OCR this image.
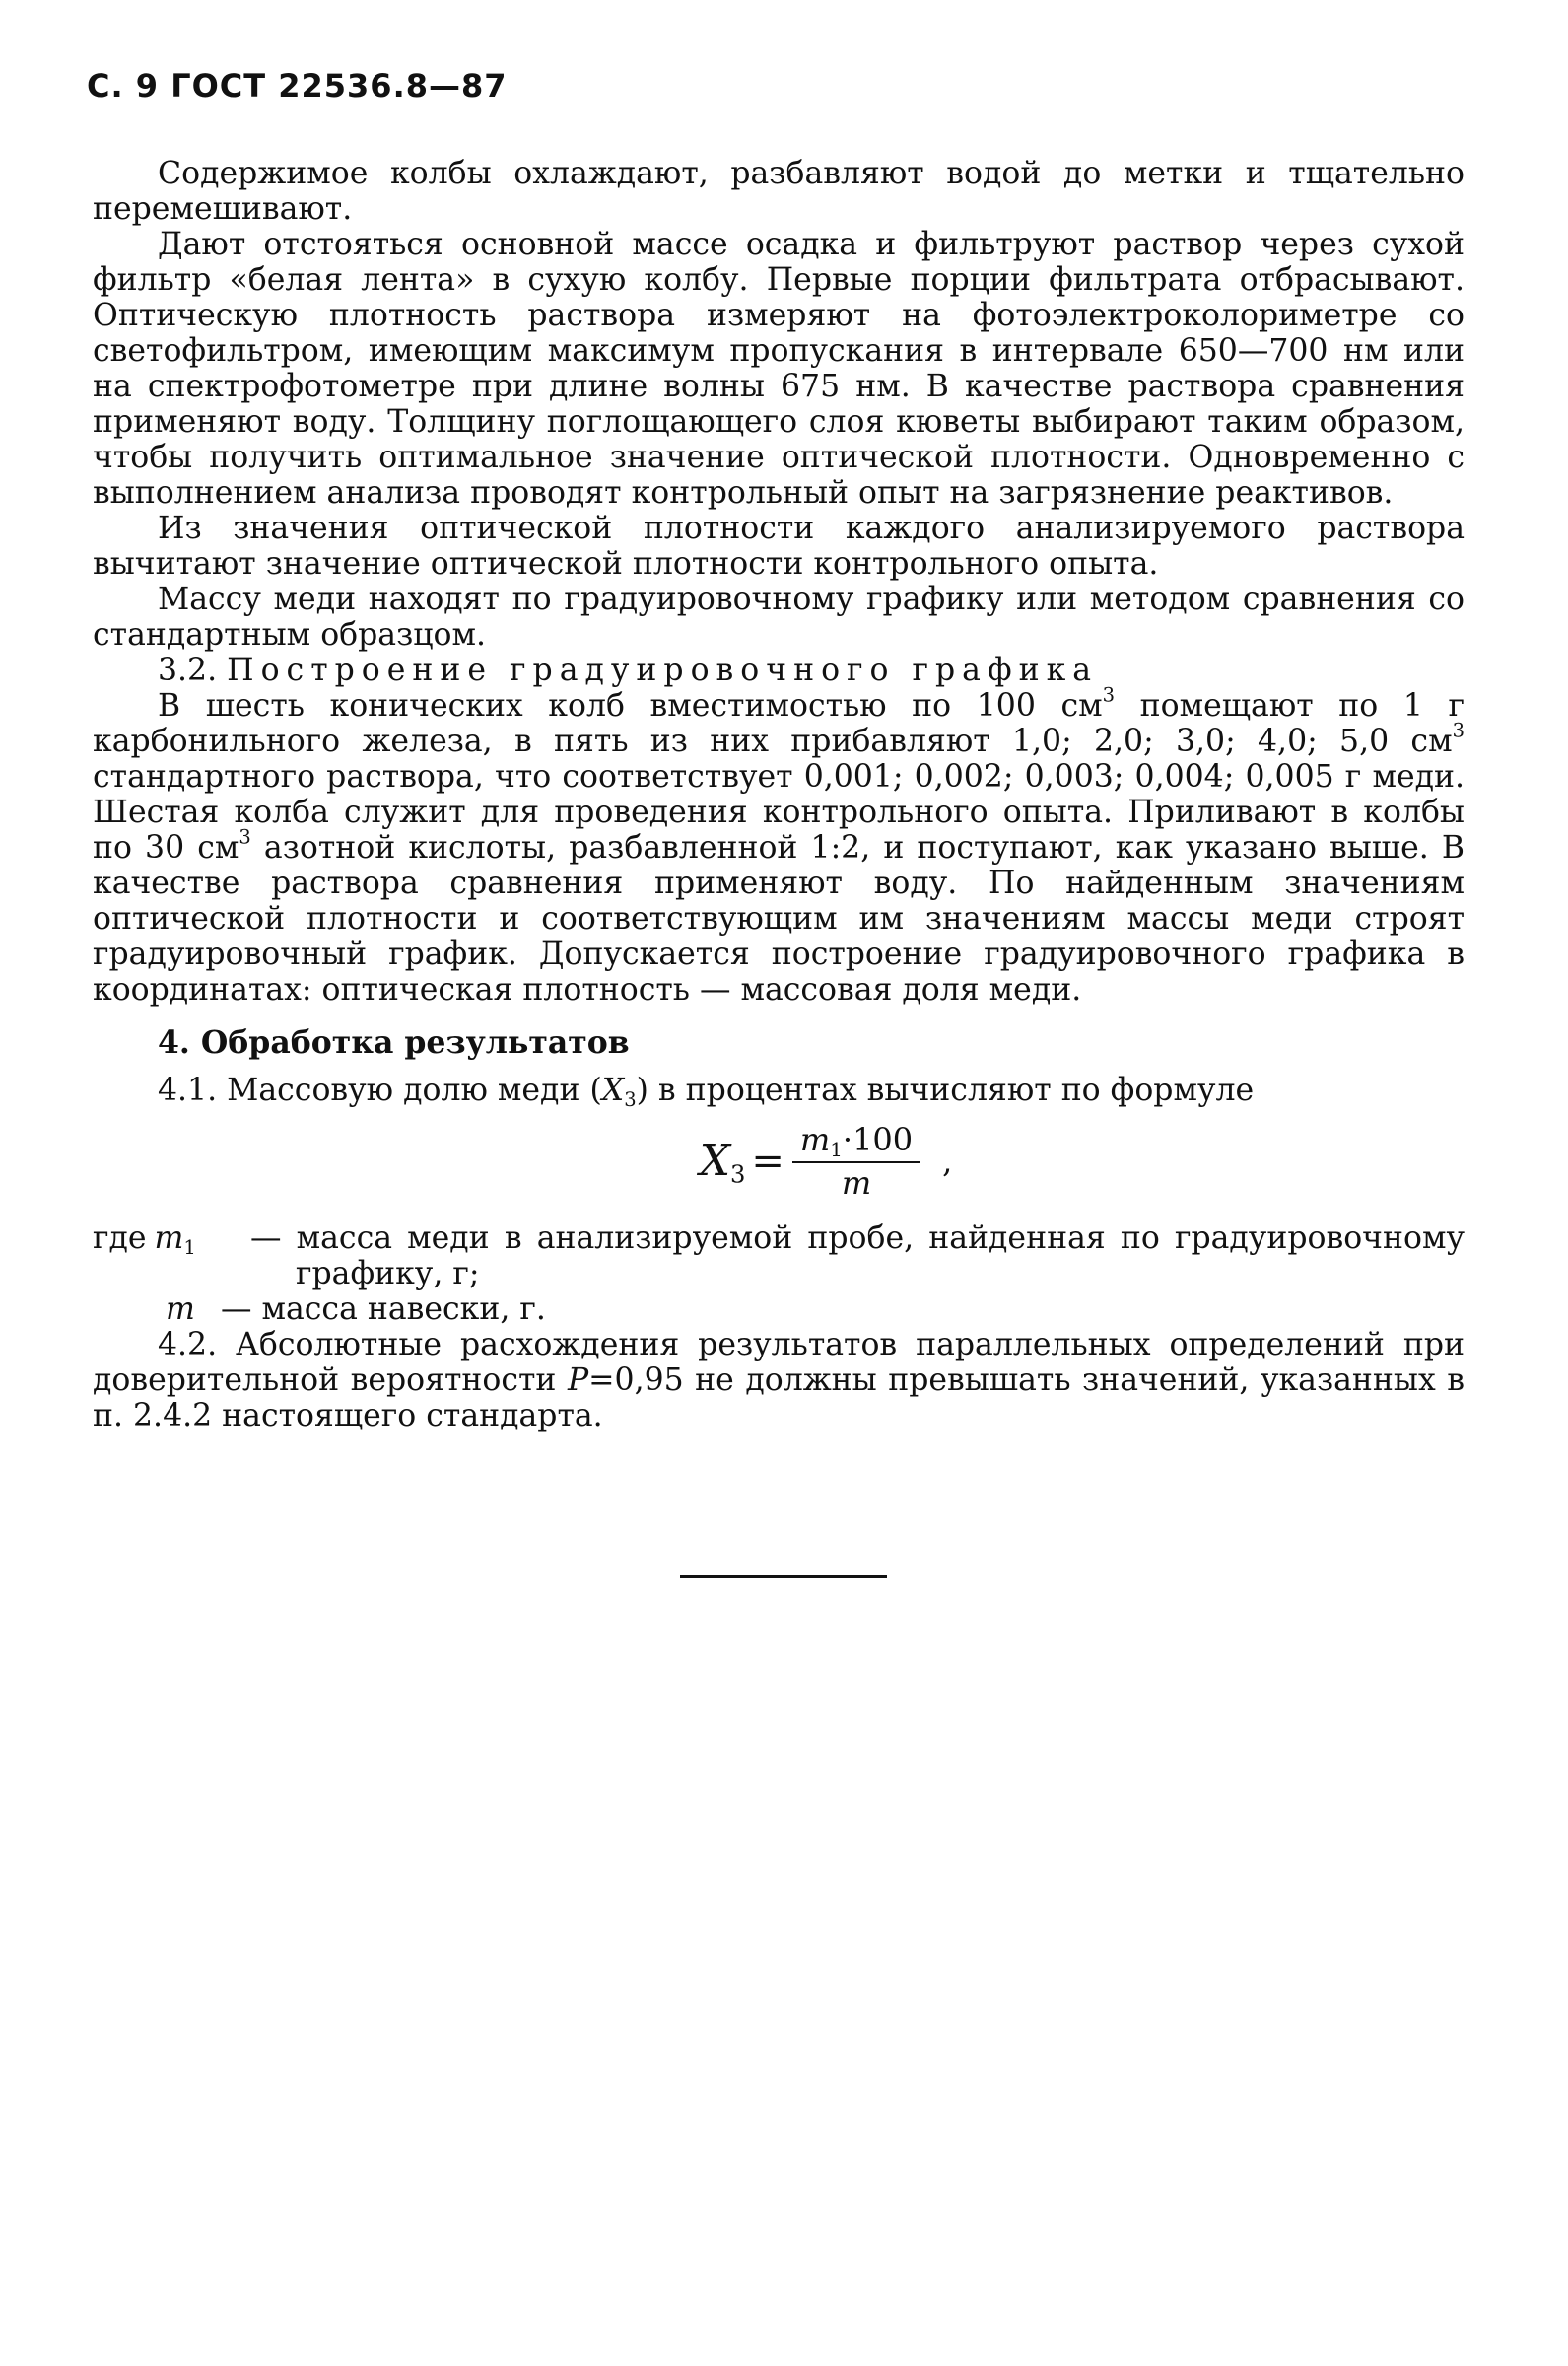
С. 9 ГОСТ 22536.8—87

Содержимое колбы охлаждают, разбавляют водой до метки и тщательно перемешивают.

Дают отстояться основной массе осадка и фильтруют раствор через сухой фильтр «белая лента» в сухую колбу. Первые порции фильтрата отбрасывают. Оптическую плотность раствора измеряют на фотоэлектроколориметре со светофильтром, имеющим максимум пропускания в интервале 650—700 нм или на спектрофотометре при длине волны 675 нм. В качестве раствора сравнения применяют воду. Толщину поглощающего слоя кюветы выбирают таким образом, чтобы получить оптимальное значение оптической плотности. Одновременно с выполнением анализа проводят контрольный опыт на загрязнение реактивов.

Из значения оптической плотности каждого анализируемого раствора вычитают значение оптической плотности контрольного опыта.

Массу меди находят по градуировочному графику или методом сравнения со стандартным образцом.

3.2. Построение градуировочного графика

В шесть конических колб вместимостью по 100 $см^3$ помещают по 1 г карбонильного железа, в пять из них прибавляют 1,0; 2,0; 3,0; 4,0; 5,0 $см^3$ стандартного раствора, что соответствует 0,001; 0,002; 0,003; 0,004; 0,005 г меди. Шестая колба служит для проведения контрольного опыта. Приливают в колбы по 30 $см^3$ азотной кислоты, разбавленной 1:2, и поступают, как указано выше. В качестве раствора сравнения применяют воду. По найденным значениям оптической плотности и соответствующим им значениям массы меди строят градуировочный график. Допускается построение градуировочного графика в координатах: оптическая плотность — массовая доля меди.

4. Обработка результатов

4.1. Массовую долю меди $(X_3)$ в процентах вычисляют по формуле

$X_3 = \frac{m_1\cdot 100}{m}$ ,
где $m_1$	— масса меди в анализируемой пробе, найденная по градуировочному графику, г;
m — масса навески, г.

4.2. Абсолютные расхождения результатов параллельных определений при доверительной вероятности P=0,95 не должны превышать значений, указанных в п. 2.4.2 настоящего стандарта.
